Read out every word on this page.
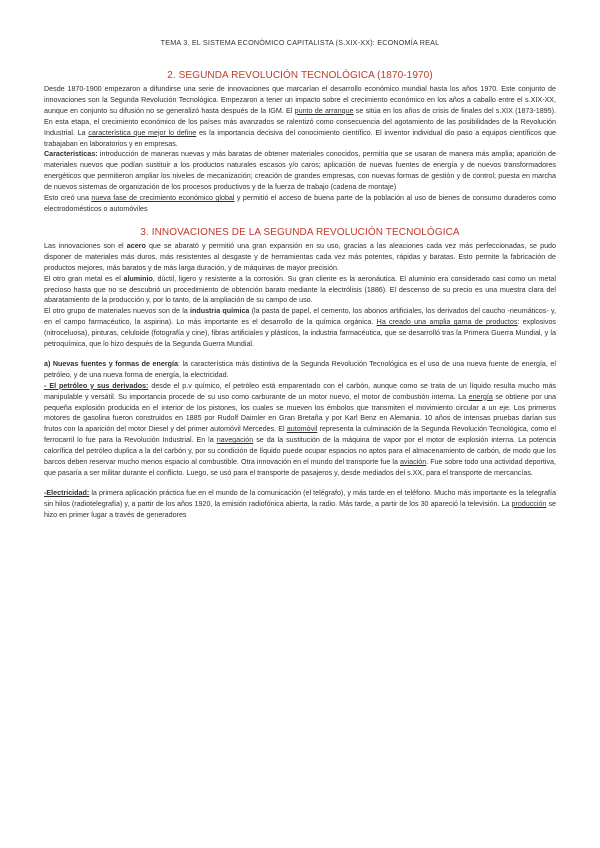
TEMA 3. EL SISTEMA ECONÓMICO CAPITALISTA (S.XIX-XX): ECONOMÍA REAL
2. SEGUNDA REVOLUCIÓN TECNOLÓGICA (1870-1970)

Desde 1870-1900 empezaron a difundirse una serie de innovaciones que marcarían el desarrollo económico mundial hasta los años 1970. Este conjunto de innovaciones son la Segunda Revolución Tecnológica. Empezaron a tener un impacto sobre el crecimiento económico en los años a caballo entre el s.XIX-XX, aunque en conjunto su difusión no se generalizó hasta después de la IGM. El punto de arranque se sitúa en los años de crisis de finales del s.XIX (1873-1895). En esta etapa, el crecimiento económico de los países más avanzados se ralentizó como consecuencia del agotamiento de las posibilidades de la Revolución Industrial. La característica que mejor lo define es la importancia decisiva del conocimiento científico. El inventor individual dio paso a equipos científicos que trabajaban en laboratorios y en empresas.

Características: introducción de maneras nuevas y más baratas de obtener materiales conocidos, permitía que se usaran de manera más amplia; aparición de materiales nuevos que podían sustituir a los productos naturales escasos y/o caros; aplicación de nuevas fuentes de energía y de nuevos transformadores energéticos que permitieron ampliar los niveles de mecanización; creación de grandes empresas, con nuevas formas de gestión y de control; puesta en marcha de nuevos sistemas de organización de los procesos productivos y de la fuerza de trabajo (cadena de montaje)

Esto creó una nueva fase de crecimiento económico global y permitió el acceso de buena parte de la población al uso de bienes de consumo duraderos como electrodomésticos o automóviles

3. INNOVACIONES DE LA SEGUNDA REVOLUCIÓN TECNOLÓGICA

Las innovaciones son el acero que se abarató y permitió una gran expansión en su uso, gracias a las aleaciones cada vez más perfeccionadas, se pudo disponer de materiales más duros, más resistentes al desgaste y de herramientas cada vez más potentes, rápidas y baratas. Esto permite la fabricación de productos mejores, más baratos y de más larga duración, y de máquinas de mayor precisión.

El otro gran metal es el aluminio, dúctil, ligero y resistente a la corrosión. Su gran cliente es la aeronáutica. El aluminio era considerado casi como un metal precioso hasta que no se descubrió un procedimiento de obtención barato mediante la electrólisis (1886). El descenso de su precio es una muestra clara del abaratamiento de la producción y, por lo tanto, de la ampliación de su campo de uso.

El otro grupo de materiales nuevos son de la industria química (la pasta de papel, el cemento, los abonos artificiales, los derivados del caucho -neumáticos- y, en el campo farmacéutico, la aspirina). Lo más importante es el desarrollo de la química orgánica. Ha creado una amplia gama de productos: explosivos (nitroceluosa), pinturas, celuloide (fotografía y cine), fibras artificiales y plásticos, la industria farmacéutica, que se desarrolló tras la Primera Guerra Mundial, y la petroquímica, que lo hizo después de la Segunda Guerra Mundial.

a) Nuevas fuentes y formas de energía: la característica más distintiva de la Segunda Revolución Tecnológica es el uso de una nueva fuente de energía, el petróleo, y de una nueva forma de energía, la electricidad.

- El petróleo y sus derivados: desde el p.v químico, el petróleo está emparentado con el carbón, aunque como se trata de un líquido resulta mucho más manipulable y versátil. Su importancia procede de su uso como carburante de un motor nuevo, el motor de combustión interna. La energía se obtiene por una pequeña explosión producida en el interior de los pistones, los cuales se mueven los émbolos que transmiten el movimiento circular a un eje. Los primeros motores de gasolina fueron construidos en 1885 por Rudolf Daimler en Gran Bretaña y por Karl Benz en Alemania. 10 años de intensas pruebas darían sus frutos con la aparición del motor Diesel y del primer automóvil Mercedes. El automóvil representa la culminación de la Segunda Revolución Tecnológica, como el ferrocarril lo fue para la Revolución Industrial. En la navegación se da la sustitución de la máquina de vapor por el motor de explosión interna. La potencia calorífica del petróleo duplica a la del carbón y, por su condición de líquido puede ocupar espacios no aptos para el almacenamiento de carbón, de modo que los barcos deben reservar mucho menos espacio al combustible. Otra innovación en el mundo del transporte fue la aviación. Fue sobre todo una actividad deportiva, que pasaría a ser militar durante el conflicto. Luego, se usó para el transporte de pasajeros y, desde mediados del s.XX, para el transporte de mercancías.

-Electricidad: la primera aplicación práctica fue en el mundo de la comunicación (el telégrafo), y más tarde en el teléfono. Mucho más importante es la telegrafía sin hilos (radiotelegrafía) y, a partir de los años 1920, la emisión radiofónica abierta, la radio. Más tarde, a partir de los 30 apareció la televisión. La producción se hizo en primer lugar a través de generadores
